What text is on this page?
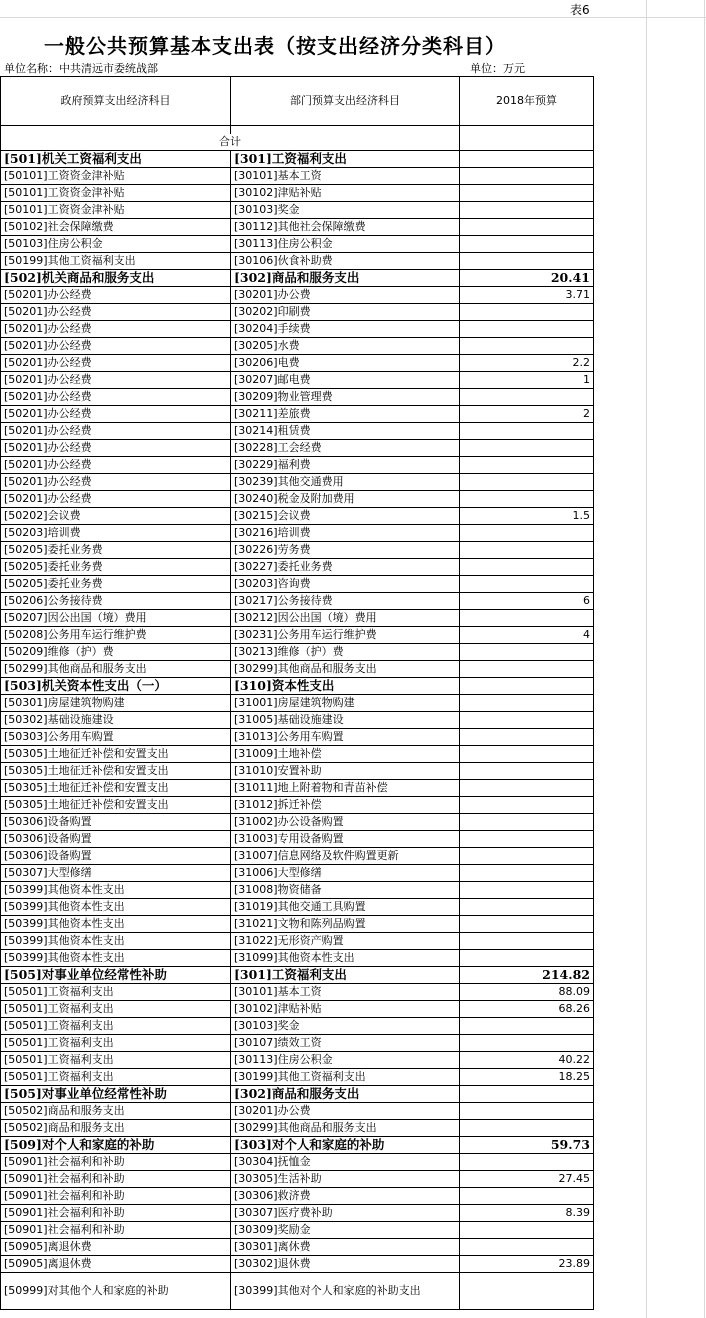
表6
一般公共预算基本支出表（按支出经济分类科目）
单位名称：中共清远市委统战部	单位：万元
政府预算支出经济科目	部门预算支出经济科目	2018年预算

合计		
[501]机关工资福利支出	[301]工资福利支出	
[50101]工资资金津补贴	[30101]基本工资	
[50101]工资资金津补贴	[30102]津贴补贴	
[50101]工资资金津补贴	[30103]奖金	
[50102]社会保障缴费	[30112]其他社会保障缴费	
[50103]住房公积金	[30113]住房公积金	
[50199]其他工资福利支出	[30106]伙食补助费	
[502]机关商品和服务支出	[302]商品和服务支出	20.41
[50201]办公经费	[30201]办公费	3.71
[50201]办公经费	[30202]印刷费	
[50201]办公经费	[30204]手续费	
[50201]办公经费	[30205]水费	
[50201]办公经费	[30206]电费	2.2
[50201]办公经费	[30207]邮电费	1
[50201]办公经费	[30209]物业管理费	
[50201]办公经费	[30211]差旅费	2
[50201]办公经费	[30214]租赁费	
[50201]办公经费	[30228]工会经费	
[50201]办公经费	[30229]福利费	
[50201]办公经费	[30239]其他交通费用	
[50201]办公经费	[30240]税金及附加费用	
[50202]会议费	[30215]会议费	1.5
[50203]培训费	[30216]培训费	
[50205]委托业务费	[30226]劳务费	
[50205]委托业务费	[30227]委托业务费	
[50205]委托业务费	[30203]咨询费	
[50206]公务接待费	[30217]公务接待费	6
[50207]因公出国（境）费用	[30212]因公出国（境）费用	
[50208]公务用车运行维护费	[30231]公务用车运行维护费	4
[50209]维修（护）费	[30213]维修（护）费	
[50299]其他商品和服务支出	[30299]其他商品和服务支出	
[503]机关资本性支出（一）	[310]资本性支出	
[50301]房屋建筑物购建	[31001]房屋建筑物购建	
[50302]基础设施建设	[31005]基础设施建设	
[50303]公务用车购置	[31013]公务用车购置	
[50305]土地征迁补偿和安置支出	[31009]土地补偿	
[50305]土地征迁补偿和安置支出	[31010]安置补助	
[50305]土地征迁补偿和安置支出	[31011]地上附着物和青苗补偿	
[50305]土地征迁补偿和安置支出	[31012]拆迁补偿	
[50306]设备购置	[31002]办公设备购置	
[50306]设备购置	[31003]专用设备购置	
[50306]设备购置	[31007]信息网络及软件购置更新	
[50307]大型修缮	[31006]大型修缮	
[50399]其他资本性支出	[31008]物资储备	
[50399]其他资本性支出	[31019]其他交通工具购置	
[50399]其他资本性支出	[31021]文物和陈列品购置	
[50399]其他资本性支出	[31022]无形资产购置	
[50399]其他资本性支出	[31099]其他资本性支出	
[505]对事业单位经常性补助	[301]工资福利支出	214.82
[50501]工资福利支出	[30101]基本工资	88.09
[50501]工资福利支出	[30102]津贴补贴	68.26
[50501]工资福利支出	[30103]奖金	
[50501]工资福利支出	[30107]绩效工资	
[50501]工资福利支出	[30113]住房公积金	40.22
[50501]工资福利支出	[30199]其他工资福利支出	18.25
[505]对事业单位经常性补助	[302]商品和服务支出	
[50502]商品和服务支出	[30201]办公费	
[50502]商品和服务支出	[30299]其他商品和服务支出	
[509]对个人和家庭的补助	[303]对个人和家庭的补助	59.73
[50901]社会福利和补助	[30304]抚恤金	
[50901]社会福利和补助	[30305]生活补助	27.45
[50901]社会福利和补助	[30306]救济费	
[50901]社会福利和补助	[30307]医疗费补助	8.39
[50901]社会福利和补助	[30309]奖励金	
[50905]离退休费	[30301]离休费	
[50905]离退休费	[30302]退休费	23.89
[50999]对其他个人和家庭的补助	[30399]其他对个人和家庭的补助支出	
